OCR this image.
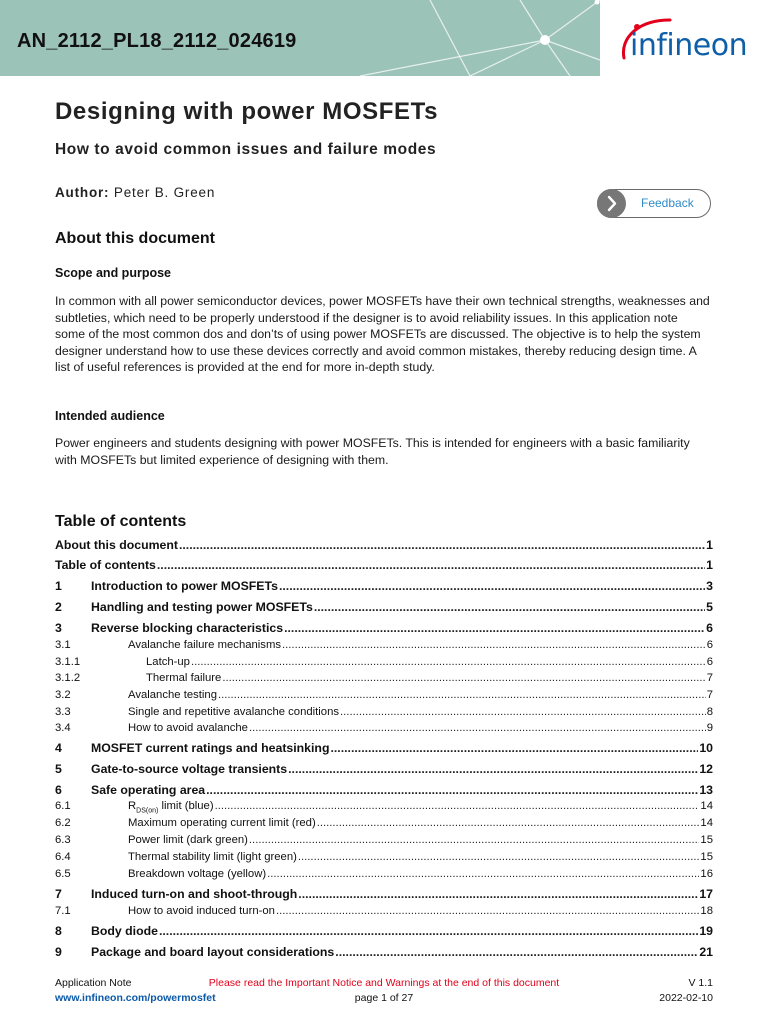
AN_2112_PL18_2112_024619	infineon
Designing with power MOSFETs
How to avoid common issues and failure modes
Author: Peter B. Green
Feedback
About this document
Scope and purpose
In common with all power semiconductor devices, power MOSFETs have their own technical strengths, weaknesses and subtleties, which need to be properly understood if the designer is to avoid reliability issues. In this application note some of the most common dos and don’ts of using power MOSFETs are discussed. The objective is to help the system designer understand how to use these devices correctly and avoid common mistakes, thereby reducing design time. A list of useful references is provided at the end for more in-depth study.
Intended audience
Power engineers and students designing with power MOSFETs. This is intended for engineers with a basic familiarity with MOSFETs but limited experience of designing with them.
Table of contents
About this document .....	1
Table of contents .....	1
1	Introduction to power MOSFETs .....	3
2	Handling and testing power MOSFETs .....	5
3	Reverse blocking characteristics .....	6
3.1	Avalanche failure mechanisms .....	6
3.1.1	Latch-up .....	6
3.1.2	Thermal failure .....	7
3.2	Avalanche testing .....	7
3.3	Single and repetitive avalanche conditions .....	8
3.4	How to avoid avalanche .....	9
4	MOSFET current ratings and heatsinking .....	10
5	Gate-to-source voltage transients .....	12
6	Safe operating area .....	13
6.1	$R_{DS(on)}$ limit (blue) .....	14
6.2	Maximum operating current limit (red) .....	14
6.3	Power limit (dark green) .....	15
6.4	Thermal stability limit (light green) .....	15
6.5	Breakdown voltage (yellow) .....	16
7	Induced turn-on and shoot-through .....	17
7.1	How to avoid induced turn-on .....	18
8	Body diode .....	19
9	Package and board layout considerations .....	21
Application Note
www.infineon.com/powermosfet
Please read the Important Notice and Warnings at the end of this document
page 1 of 27
V 1.1
2022-02-10
